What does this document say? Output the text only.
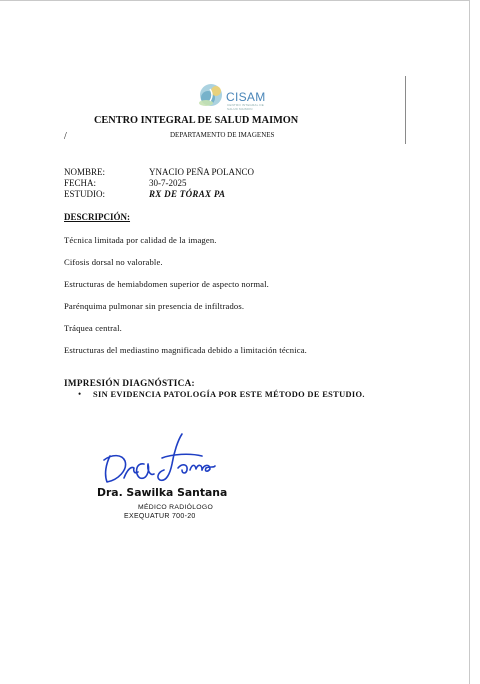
CISAM
CENTRO INTEGRAL DE SALUD MAIMON
CENTRO INTEGRAL DE SALUD MAIMON
/	DEPARTAMENTO DE IMAGENES
NOMBRE:	YNACIO PEÑA POLANCO
FECHA:	30-7-2025
ESTUDIO:	RX DE TÓRAX PA
DESCRIPCIÓN:
Técnica limitada por calidad de la imagen.
Cifosis dorsal no valorable.
Estructuras de hemiabdomen superior de aspecto normal.
Parénquima pulmonar sin presencia de infiltrados.
Tráquea central.
Estructuras del mediastino magnificada debido a limitación técnica.
IMPRESIÓN DIAGNÓSTICA:
• SIN EVIDENCIA PATOLOGÍA POR ESTE MÉTODO DE ESTUDIO.
Dra. Sawilka Santana
MÉDICO RADIÓLOGO
EXEQUATUR 700-20
